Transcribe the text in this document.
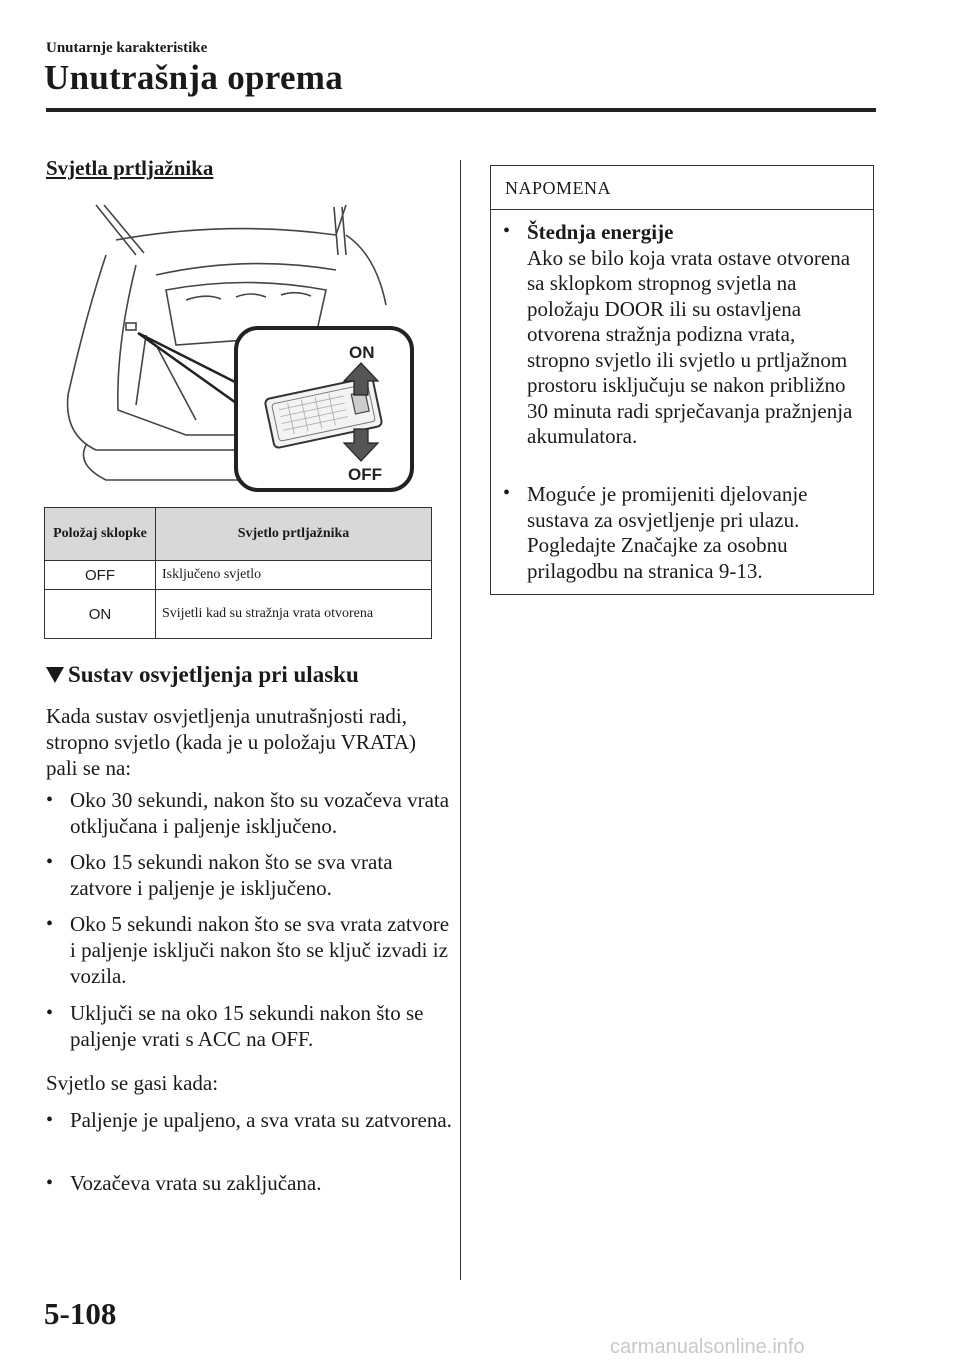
Unutarnje karakteristike
Unutrašnja oprema
Svjetla prtljažnika
ON
OFF
Položaj sklopke	Svjetlo prtljažnika
OFF	Isključeno svjetlo
ON	Svijetli kad su stražnja vrata otvorena
Sustav osvjetljenja pri ulasku
Kada sustav osvjetljenja unutrašnjosti radi, stropno svjetlo (kada je u položaju VRATA) pali se na:
• Oko 30 sekundi, nakon što su vozačeva vrata otključana i paljenje isključeno.
• Oko 15 sekundi nakon što se sva vrata zatvore i paljenje je isključeno.
• Oko 5 sekundi nakon što se sva vrata zatvore i paljenje isključi nakon što se ključ izvadi iz vozila.
• Uključi se na oko 15 sekundi nakon što se paljenje vrati s ACC na OFF.
Svjetlo se gasi kada:
• Paljenje je upaljeno, a sva vrata su zatvorena.
• Vozačeva vrata su zaključana.
NAPOMENA
• Štednja energije
Ako se bilo koja vrata ostave otvorena sa sklopkom stropnog svjetla na položaju DOOR ili su ostavljena otvorena stražnja podizna vrata, stropno svjetlo ili svjetlo u prtljažnom prostoru isključuju se nakon približno 30 minuta radi sprječavanja pražnjenja akumulatora.
• Moguće je promijeniti djelovanje sustava za osvjetljenje pri ulazu. Pogledajte Značajke za osobnu prilagodbu na stranica 9-13.
5-108
carmanualsonline.info
